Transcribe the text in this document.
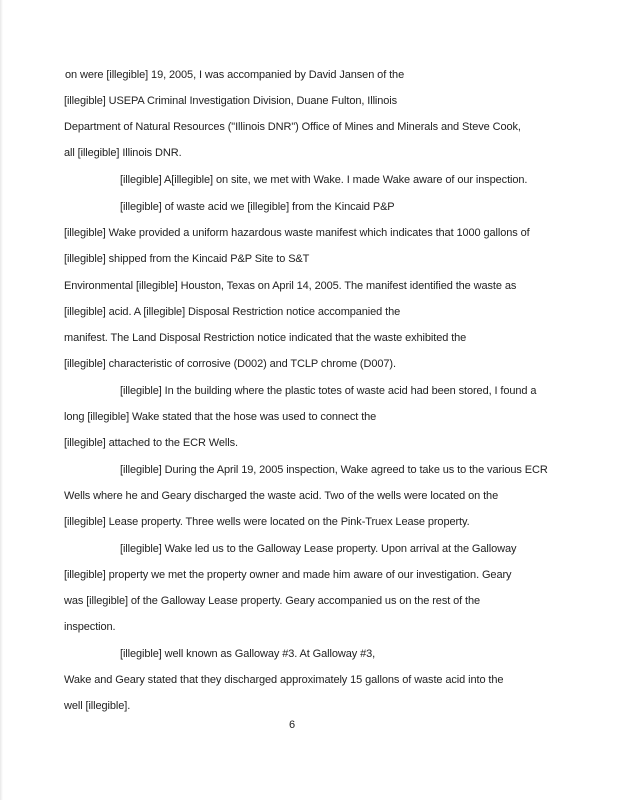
on were [illegible] 19, 2005, I was accompanied by David Jansen of the
[illegible] USEPA Criminal Investigation Division, Duane Fulton, Illinois
Department of Natural Resources ("Illinois DNR") Office of Mines and Minerals and Steve Cook,
all [illegible] Illinois DNR.
[illegible] A[illegible] on site, we met with Wake. I made Wake aware of our inspection.
[illegible] of waste acid we [illegible] from the Kincaid P&P
[illegible] Wake provided a uniform hazardous waste manifest which indicates that 1000 gallons of
[illegible] shipped from the Kincaid P&P Site to S&T
Environmental [illegible] Houston, Texas on April 14, 2005. The manifest identified the waste as
[illegible] acid. A [illegible] Disposal Restriction notice accompanied the
manifest. The Land Disposal Restriction notice indicated that the waste exhibited the
[illegible] characteristic of corrosive (D002) and TCLP chrome (D007).
[illegible] In the building where the plastic totes of waste acid had been stored, I found a
long [illegible] Wake stated that the hose was used to connect the
[illegible] attached to the ECR Wells.
[illegible] During the April 19, 2005 inspection, Wake agreed to take us to the various ECR
Wells where he and Geary discharged the waste acid. Two of the wells were located on the
[illegible] Lease property. Three wells were located on the Pink-Truex Lease property.
[illegible] Wake led us to the Galloway Lease property. Upon arrival at the Galloway
[illegible] property we met the property owner and made him aware of our investigation. Geary
was [illegible] of the Galloway Lease property. Geary accompanied us on the rest of the
inspection.
[illegible] well known as Galloway #3. At Galloway #3,
Wake and Geary stated that they discharged approximately 15 gallons of waste acid into the
well [illegible].
6
